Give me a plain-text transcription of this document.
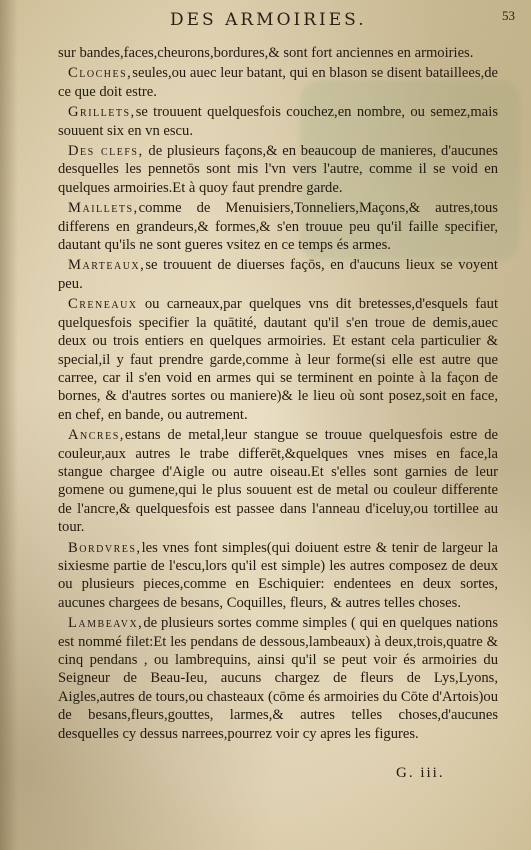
DES ARMOIRIES.	53

sur bandes,faces,cheurons,bordures,& sont fort anciennes en armoiries.

Cloches,seules,ou auec leur batant, qui en blason se disent bataillees,de ce que doit estre.

Grillets,se trouuent quelquesfois couchez,en nombre, ou semez,mais souuent six en vn escu.

Des clefs, de plusieurs façons,& en beaucoup de manieres, d'aucunes desquelles les pennetōs sont mis l'vn vers l'autre, comme il se void en quelques armoiries.Et à quoy faut prendre garde.

Maillets,comme de Menuisiers,Tonneliers,Maçons,& autres,tous differens en grandeurs,& formes,& s'en trouue peu qu'il faille specifier, dautant qu'ils ne sont gueres vsitez en ce temps és armes.

Marteaux,se trouuent de diuerses façōs, en d'aucuns lieux se voyent peu.

Creneaux ou carneaux,par quelques vns dit bretesses,d'esquels faut quelquesfois specifier la quātité, dautant qu'il s'en troue de demis,auec deux ou trois entiers en quelques armoiries. Et estant cela particulier & special,il y faut prendre garde,comme à leur forme(si elle est autre que carree, car il s'en void en armes qui se terminent en pointe à la façon de bornes, & d'autres sortes ou maniere)& le lieu où sont posez,soit en face, en chef, en bande, ou autrement.

Ancres,estans de metal,leur stangue se trouue quelquesfois estre de couleur,aux autres le trabe differēt,&quelques vnes mises en face,la stangue chargee d'Aigle ou autre oiseau.Et s'elles sont garnies de leur gomene ou gumene,qui le plus souuent est de metal ou couleur differente de l'ancre,& quelquesfois est passee dans l'anneau d'iceluy,ou tortillee au tour.

Bordvres,les vnes font simples(qui doiuent estre & tenir de largeur la sixiesme partie de l'escu,lors qu'il est simple) les autres composez de deux ou plusieurs pieces,comme en Eschiquier: endentees en deux sortes, aucunes chargees de besans, Coquilles, fleurs, & autres telles choses.

Lambeavx,de plusieurs sortes comme simples ( qui en quelques nations est nommé filet:Et les pendans de dessous,lambeaux) à deux,trois,quatre & cinq pendans , ou lambrequins, ainsi qu'il se peut voir és armoiries du Seigneur de Beau-Ieu, aucuns chargez de fleurs de Lys,Lyons, Aigles,autres de tours,ou chasteaux (cōme és armoiries du Cōte d'Artois)ou de besans,fleurs,gouttes, larmes,& autres telles choses,d'aucunes desquelles cy dessus narrees,pourrez voir cy apres les figures.

G. iii.
